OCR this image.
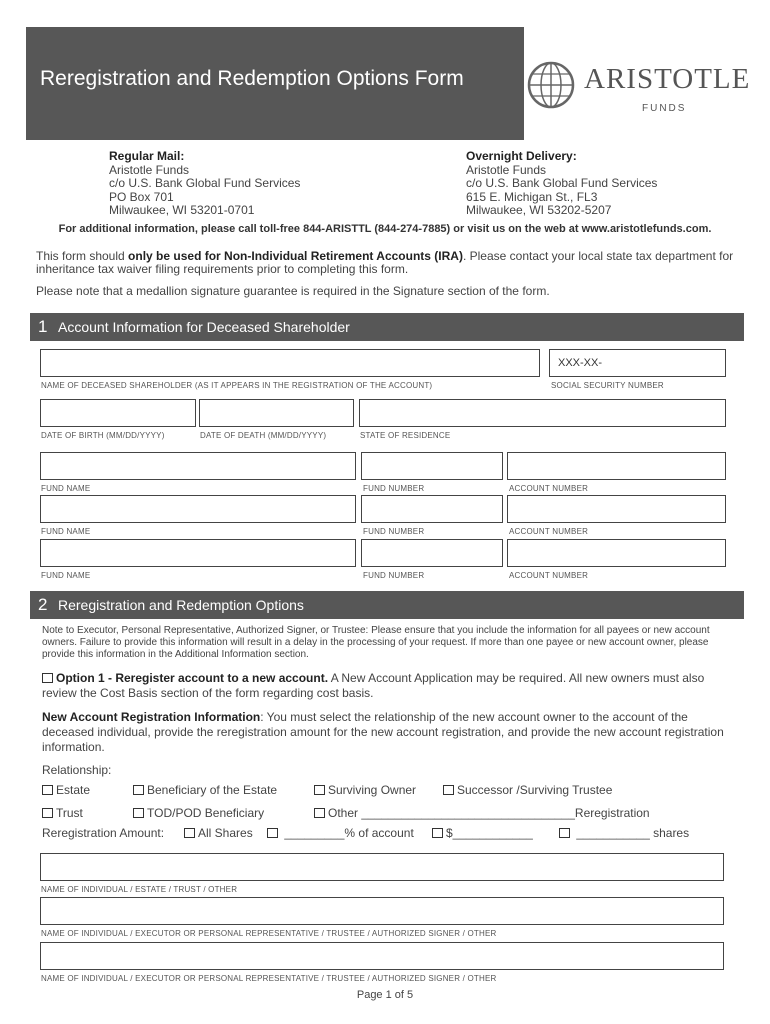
Reregistration and Redemption Options Form	ARISTOTLE
FUNDS
Regular Mail:
Aristotle Funds
c/o U.S. Bank Global Fund Services
PO Box 701
Milwaukee, WI 53201-0701
Overnight Delivery:
Aristotle Funds
c/o U.S. Bank Global Fund Services
615 E. Michigan St., FL3
Milwaukee, WI 53202-5207
For additional information, please call toll-free 844-ARISTTL (844-274-7885) or visit us on the web at www.aristotlefunds.com.
This form should only be used for Non-Individual Retirement Accounts (IRA). Please contact your local state tax department for inheritance tax waiver filing requirements prior to completing this form.
Please note that a medallion signature guarantee is required in the Signature section of the form.
1 Account Information for Deceased Shareholder
NAME OF DECEASED SHAREHOLDER (AS IT APPEARS IN THE REGISTRATION OF THE ACCOUNT)
XXX-XX-
SOCIAL SECURITY NUMBER
DATE OF BIRTH (MM/DD/YYYY)	DATE OF DEATH (MM/DD/YYYY)	STATE OF RESIDENCE
FUND NAME	FUND NUMBER	ACCOUNT NUMBER
FUND NAME	FUND NUMBER	ACCOUNT NUMBER
FUND NAME	FUND NUMBER	ACCOUNT NUMBER
2 Reregistration and Redemption Options
Note to Executor, Personal Representative, Authorized Signer, or Trustee: Please ensure that you include the information for all payees or new account owners. Failure to provide this information will result in a delay in the processing of your request. If more than one payee or new account owner, please provide this information in the Additional Information section.
Option 1 - Reregister account to a new account. A New Account Application may be required. All new owners must also review the Cost Basis section of the form regarding cost basis.
New Account Registration Information: You must select the relationship of the new account owner to the account of the deceased individual, provide the reregistration amount for the new account registration, and provide the new account registration information.
Relationship:
Estate	Beneficiary of the Estate	Surviving Owner	Successor /Surviving Trustee
Trust	TOD/POD Beneficiary	Other ________________________________Reregistration
Reregistration Amount:	All Shares	_________% of account	$____________	___________ shares
NAME OF INDIVIDUAL / ESTATE / TRUST / OTHER
NAME OF INDIVIDUAL / EXECUTOR OR PERSONAL REPRESENTATIVE / TRUSTEE / AUTHORIZED SIGNER / OTHER
NAME OF INDIVIDUAL / EXECUTOR OR PERSONAL REPRESENTATIVE / TRUSTEE / AUTHORIZED SIGNER / OTHER
Page 1 of 5
